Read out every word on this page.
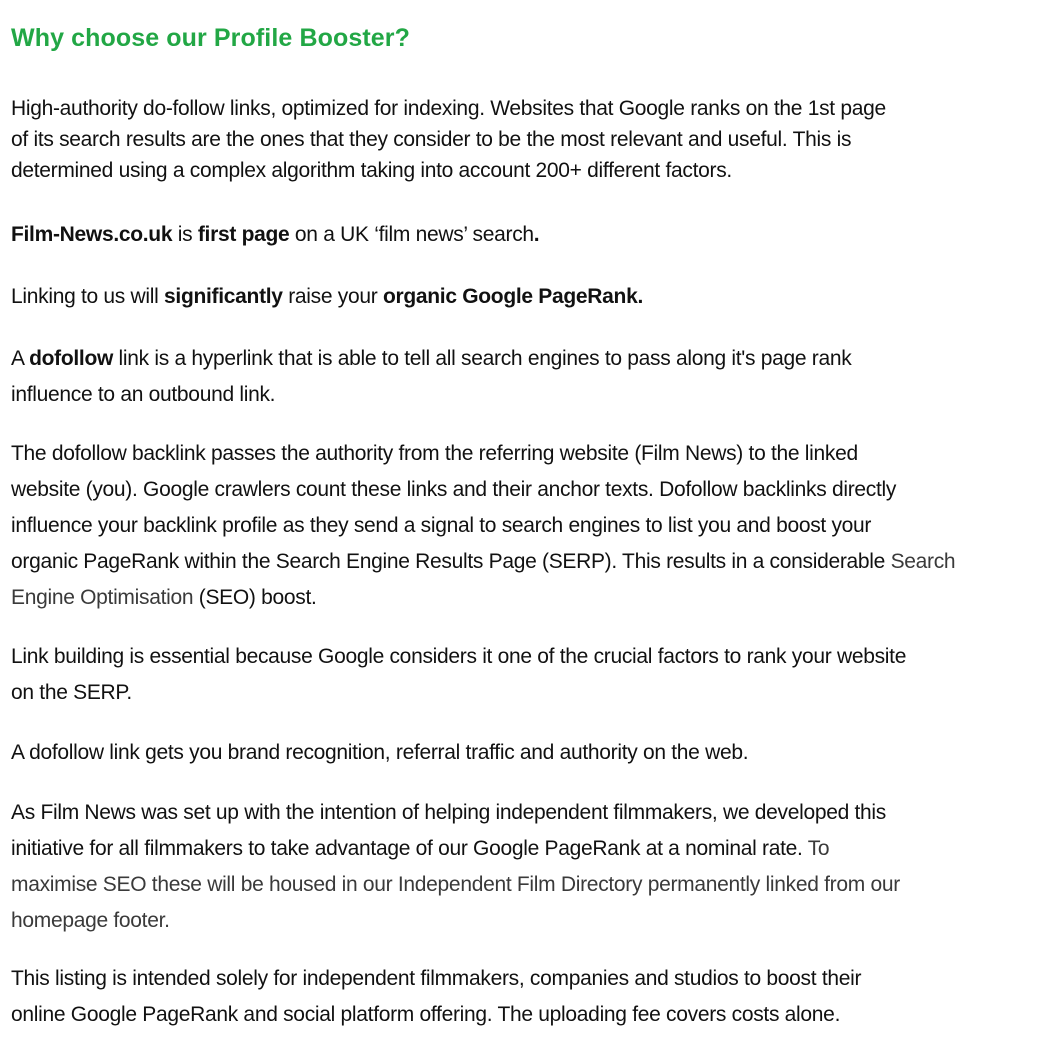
Why choose our Profile Booster?

High-authority do-follow links, optimized for indexing. Websites that Google ranks on the 1st page
of its search results are the ones that they consider to be the most relevant and useful. This is
determined using a complex algorithm taking into account 200+ different factors.

Film-News.co.uk is first page on a UK ‘film news’ search.

Linking to us will significantly raise your organic Google PageRank.

A dofollow link is a hyperlink that is able to tell all search engines to pass along it's page rank
influence to an outbound link.

The dofollow backlink passes the authority from the referring website (Film News) to the linked
website (you). Google crawlers count these links and their anchor texts. Dofollow backlinks directly
influence your backlink profile as they send a signal to search engines to list you and boost your
organic PageRank within the Search Engine Results Page (SERP). This results in a considerable Search
Engine Optimisation (SEO) boost.

Link building is essential because Google considers it one of the crucial factors to rank your website
on the SERP.

A dofollow link gets you brand recognition, referral traffic and authority on the web.

As Film News was set up with the intention of helping independent filmmakers, we developed this
initiative for all filmmakers to take advantage of our Google PageRank at a nominal rate. To
maximise SEO these will be housed in our Independent Film Directory permanently linked from our
homepage footer.

This listing is intended solely for independent filmmakers, companies and studios to boost their
online Google PageRank and social platform offering. The uploading fee covers costs alone.
